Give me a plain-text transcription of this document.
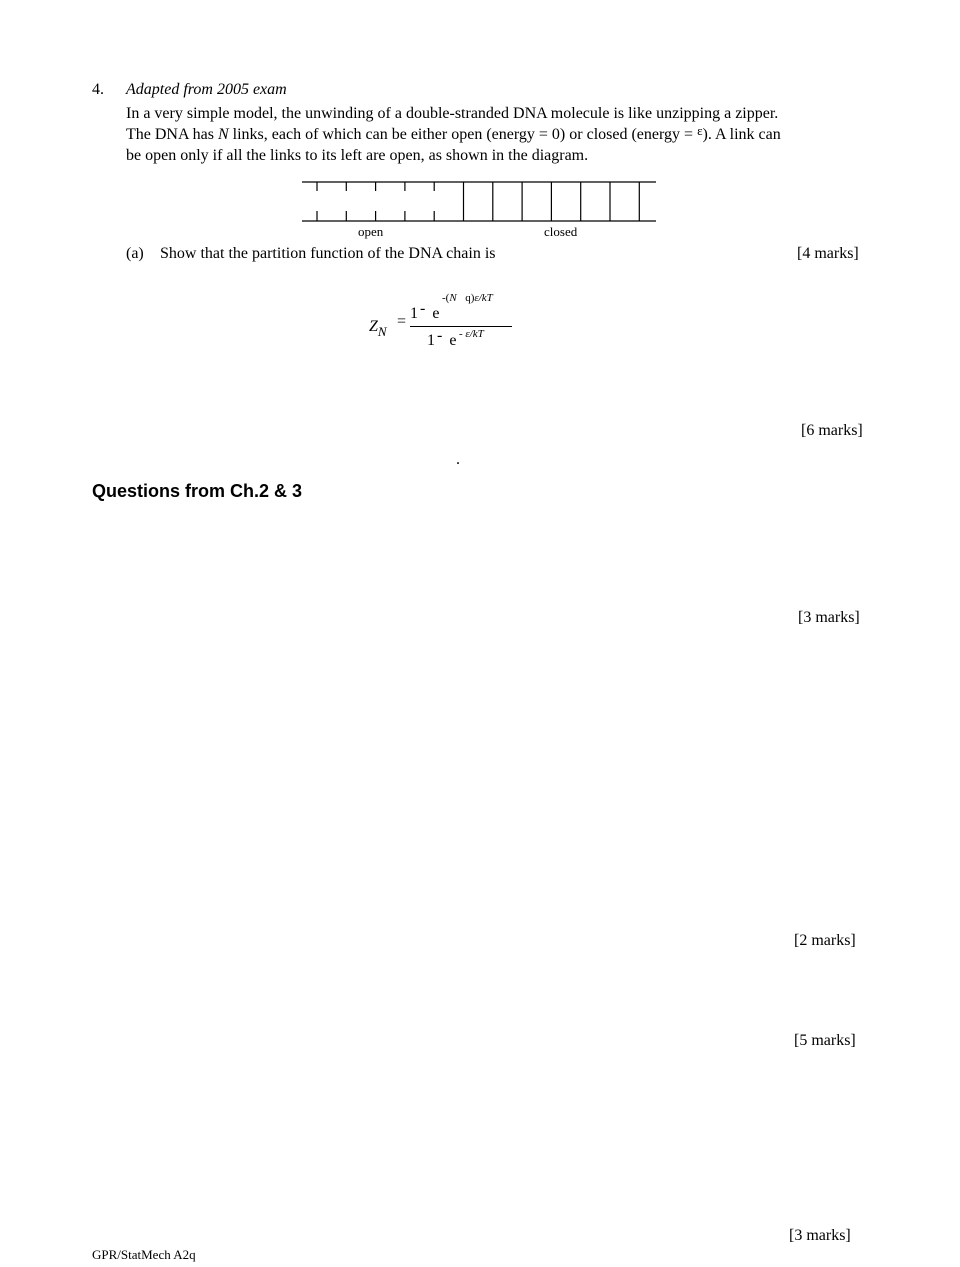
4. Adapted from 2005 exam
In a very simple model, the unwinding of a double-stranded DNA molecule is like unzipping a zipper.
The DNA has N links, each of which can be either open (energy = 0) or closed (energy = $^\varepsilon$). A link can
be open only if all the links to its left are open, as shown in the diagram.
open	closed
(a) Show that the partition function of the DNA chain is	[4 marks]
$Z_N$
= 1 - e
-(N q)ε/kT
1 - e - ε/kT
[6 marks]
.
Questions from Ch.2 & 3
[3 marks]
[2 marks]
[5 marks]
[3 marks]
GPR/StatMech A2q
